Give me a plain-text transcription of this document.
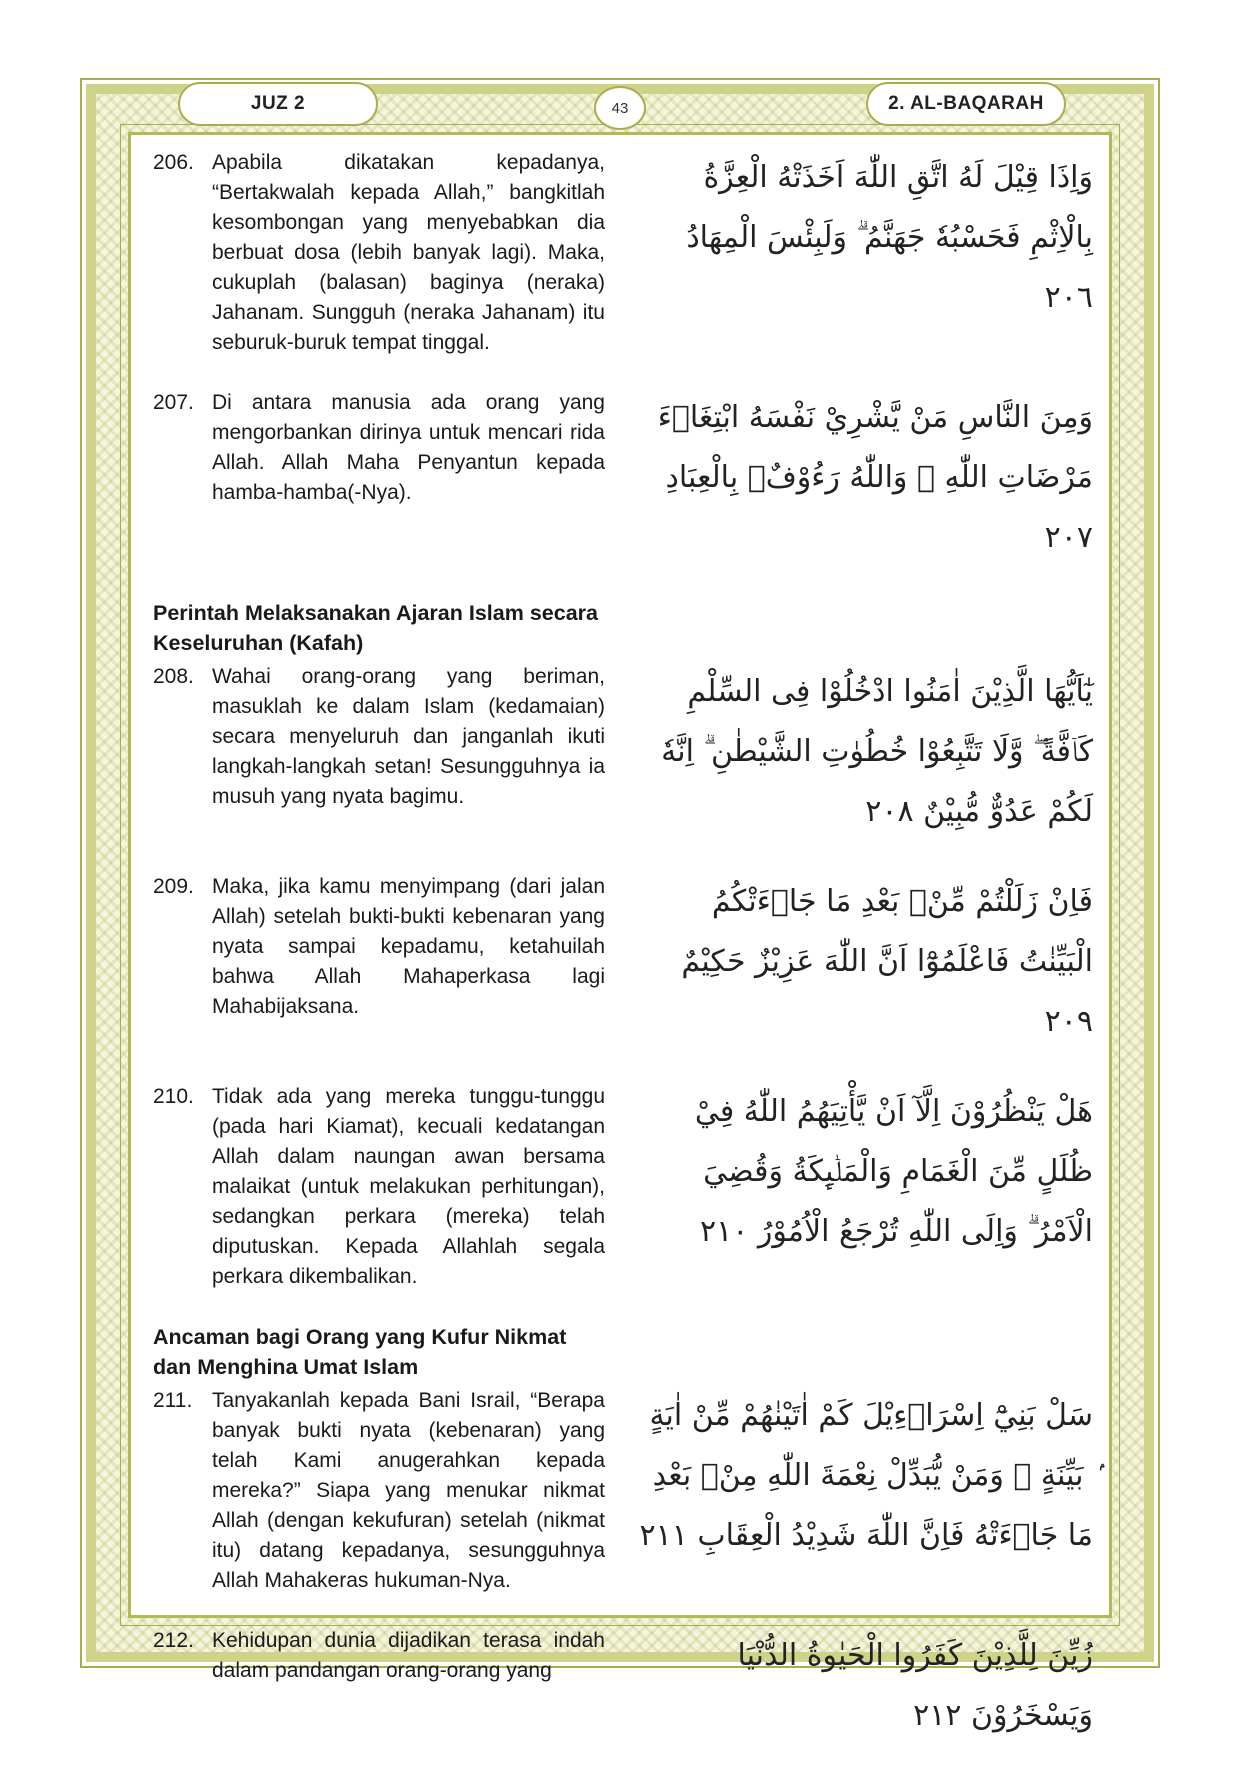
JUZ 2	43	2. AL-BAQARAH
206. Apabila dikatakan kepadanya, “Bertakwalah kepada Allah,” bangkitlah kesombongan yang menyebabkan dia berbuat dosa (lebih banyak lagi). Maka, cukuplah (balasan) baginya (neraka) Jahanam. Sungguh (neraka Jahanam) itu seburuk-buruk tempat tinggal.
وَاِذَا قِيْلَ لَهُ اتَّقِ اللّٰهَ اَخَذَتْهُ الْعِزَّةُ بِالْاِثْمِ فَحَسْبُهٗ جَهَنَّمُ ۗ وَلَبِئْسَ الْمِهَادُ ٢٠٦
207. Di antara manusia ada orang yang mengorbankan dirinya untuk mencari rida Allah. Allah Maha Penyantun kepada hamba-hamba(-Nya).
وَمِنَ النَّاسِ مَنْ يَّشْرِيْ نَفْسَهُ ابْتِغَاۤءَ مَرْضَاتِ اللّٰهِ ۗ وَاللّٰهُ رَءُوْفٌۢ بِالْعِبَادِ ٢٠٧
Perintah Melaksanakan Ajaran Islam secara Keseluruhan (Kafah)
208. Wahai orang-orang yang beriman, masuklah ke dalam Islam (kedamaian) secara menyeluruh dan janganlah ikuti langkah-langkah setan! Sesungguhnya ia musuh yang nyata bagimu.
يٰٓاَيُّهَا الَّذِيْنَ اٰمَنُوا ادْخُلُوْا فِى السِّلْمِ كَاۤفَّةً ۖ وَّلَا تَتَّبِعُوْا خُطُوٰتِ الشَّيْطٰنِ ۗ اِنَّهٗ لَكُمْ عَدُوٌّ مُّبِيْنٌ ٢٠٨
209. Maka, jika kamu menyimpang (dari jalan Allah) setelah bukti-bukti kebenaran yang nyata sampai kepadamu, ketahuilah bahwa Allah Mahaperkasa lagi Mahabijaksana.
فَاِنْ زَلَلْتُمْ مِّنْۢ بَعْدِ مَا جَاۤءَتْكُمُ الْبَيِّنٰتُ فَاعْلَمُوْٓا اَنَّ اللّٰهَ عَزِيْزٌ حَكِيْمٌ ٢٠٩
210. Tidak ada yang mereka tunggu-tunggu (pada hari Kiamat), kecuali kedatangan Allah dalam naungan awan bersama malaikat (untuk melakukan perhitungan), sedangkan perkara (mereka) telah diputuskan. Kepada Allahlah segala perkara dikembalikan.
هَلْ يَنْظُرُوْنَ اِلَّآ اَنْ يَّأْتِيَهُمُ اللّٰهُ فِيْ ظُلَلٍ مِّنَ الْغَمَامِ وَالْمَلٰۤىِٕكَةُ وَقُضِيَ الْاَمْرُ ۗ وَاِلَى اللّٰهِ تُرْجَعُ الْاُمُوْرُ ٢١٠
Ancaman bagi Orang yang Kufur Nikmat dan Menghina Umat Islam
211. Tanyakanlah kepada Bani Israil, “Berapa banyak bukti nyata (kebenaran) yang telah Kami anugerahkan kepada mereka?” Siapa yang menukar nikmat Allah (dengan kekufuran) setelah (nikmat itu) datang kepadanya, sesungguhnya Allah Mahakeras hukuman-Nya.
سَلْ بَنِيْٓ اِسْرَاۤءِيْلَ كَمْ اٰتَيْنٰهُمْ مِّنْ اٰيَةٍ ۢ بَيِّنَةٍ ۗ وَمَنْ يُّبَدِّلْ نِعْمَةَ اللّٰهِ مِنْۢ بَعْدِ مَا جَاۤءَتْهُ فَاِنَّ اللّٰهَ شَدِيْدُ الْعِقَابِ ٢١١
212. Kehidupan dunia dijadikan terasa indah dalam pandangan orang-orang yang	زُيِّنَ لِلَّذِيْنَ كَفَرُوا الْحَيٰوةُ الدُّنْيَا وَيَسْخَرُوْنَ ٢١٢
